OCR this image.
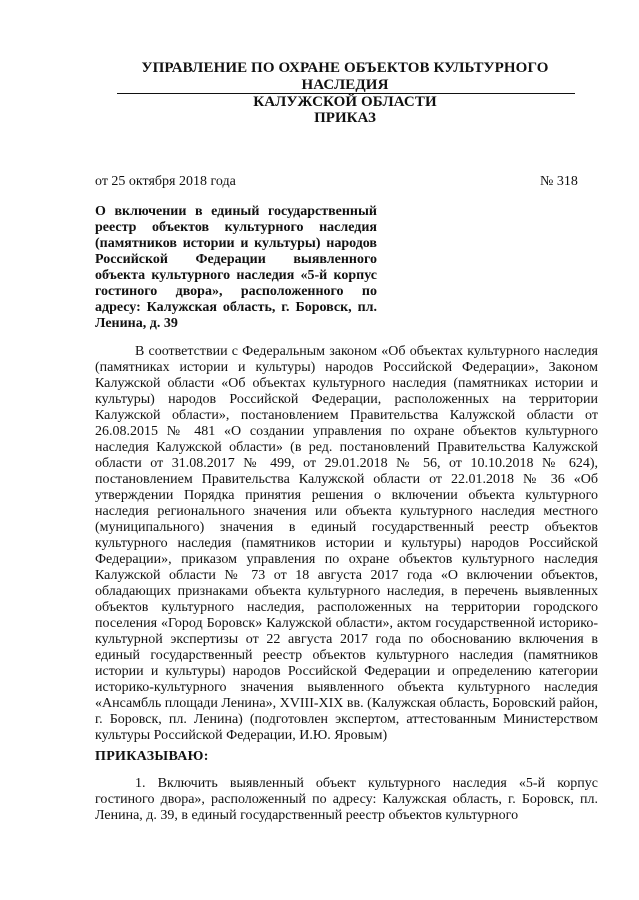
УПРАВЛЕНИЕ ПО ОХРАНЕ ОБЪЕКТОВ КУЛЬТУРНОГО НАСЛЕДИЯ
КАЛУЖСКОЙ ОБЛАСТИ
ПРИКАЗ
от 25 октября 2018 года	№ 318
О включении в единый государственный реестр объектов культурного наследия (памятников истории и культуры) народов Российской Федерации выявленного объекта культурного наследия «5-й корпус гостиного двора», расположенного по адресу: Калужская область, г. Боровск, пл. Ленина, д. 39
В соответствии с Федеральным законом «Об объектах культурного наследия (памятниках истории и культуры) народов Российской Федерации», Законом Калужской области «Об объектах культурного наследия (памятниках истории и культуры) народов Российской Федерации, расположенных на территории Калужской области», постановлением Правительства Калужской области от 26.08.2015 № 481 «О создании управления по охране объектов культурного наследия Калужской области» (в ред. постановлений Правительства Калужской области от 31.08.2017 № 499, от 29.01.2018 № 56, от 10.10.2018 № 624), постановлением Правительства Калужской области от 22.01.2018 № 36 «Об утверждении Порядка принятия решения о включении объекта культурного наследия регионального значения или объекта культурного наследия местного (муниципального) значения в единый государственный реестр объектов культурного наследия (памятников истории и культуры) народов Российской Федерации», приказом управления по охране объектов культурного наследия Калужской области № 73 от 18 августа 2017 года «О включении объектов, обладающих признаками объекта культурного наследия, в перечень выявленных объектов культурного наследия, расположенных на территории городского поселения «Город Боровск» Калужской области», актом государственной историко-культурной экспертизы от 22 августа 2017 года по обоснованию включения в единый государственный реестр объектов культурного наследия (памятников истории и культуры) народов Российской Федерации и определению категории историко-культурного значения выявленного объекта культурного наследия «Ансамбль площади Ленина», XVIII-XIX вв. (Калужская область, Боровский район, г. Боровск, пл. Ленина) (подготовлен экспертом, аттестованным Министерством культуры Российской Федерации, И.Ю. Яровым)
ПРИКАЗЫВАЮ:
1. Включить выявленный объект культурного наследия «5-й корпус гостиного двора», расположенный по адресу: Калужская область, г. Боровск, пл. Ленина, д. 39, в единый государственный реестр объектов культурного
